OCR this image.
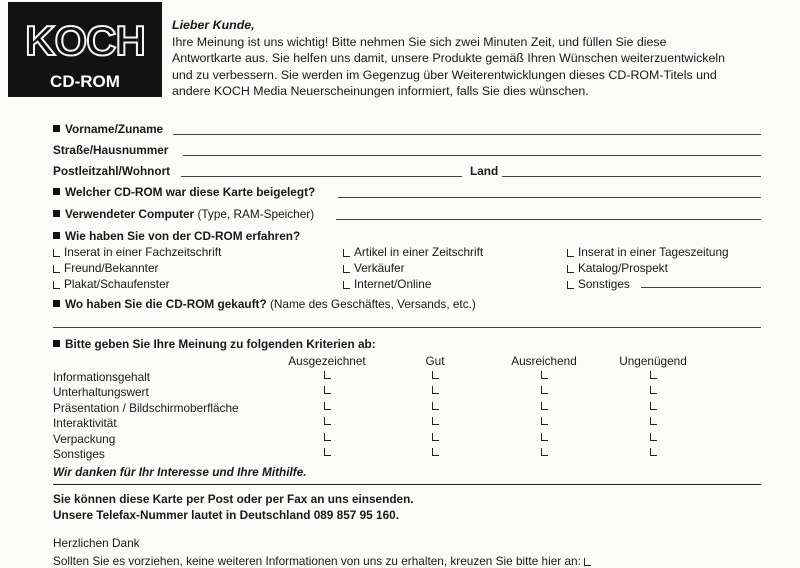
KOCH
CD-ROM
Lieber Kunde,
Ihre Meinung ist uns wichtig! Bitte nehmen Sie sich zwei Minuten Zeit, und füllen Sie diese
Antwortkarte aus. Sie helfen uns damit, unsere Produkte gemäß Ihren Wünschen weiterzuentwickeln
und zu verbessern. Sie werden im Gegenzug über Weiterentwicklungen dieses CD-ROM-Titels und
andere KOCH Media Neuerscheinungen informiert, falls Sie dies wünschen.
Vorname/Zuname
Straße/Hausnummer
Postleitzahl/Wohnort	Land
Welcher CD-ROM war diese Karte beigelegt?
Verwendeter Computer (Type, RAM-Speicher)
Wie haben Sie von der CD-ROM erfahren?
Inserat in einer Fachzeitschrift	Artikel in einer Zeitschrift	Inserat in einer Tageszeitung
Freund/Bekannter	Verkäufer	Katalog/Prospekt
Plakat/Schaufenster	Internet/Online	Sonstiges
Wo haben Sie die CD-ROM gekauft? (Name des Geschäftes, Versands, etc.)
Bitte geben Sie Ihre Meinung zu folgenden Kriterien ab:
Ausgezeichnet	Gut	Ausreichend	Ungenügend
Informationsgehalt
Unterhaltungswert
Präsentation / Bildschirmoberfläche
Interaktivität
Verpackung
Sonstiges
Wir danken für Ihr Interesse und Ihre Mithilfe.
Sie können diese Karte per Post oder per Fax an uns einsenden.
Unsere Telefax-Nummer lautet in Deutschland 089 857 95 160.
Herzlichen Dank
Sollten Sie es vorziehen, keine weiteren Informationen von uns zu erhalten, kreuzen Sie bitte hier an:
